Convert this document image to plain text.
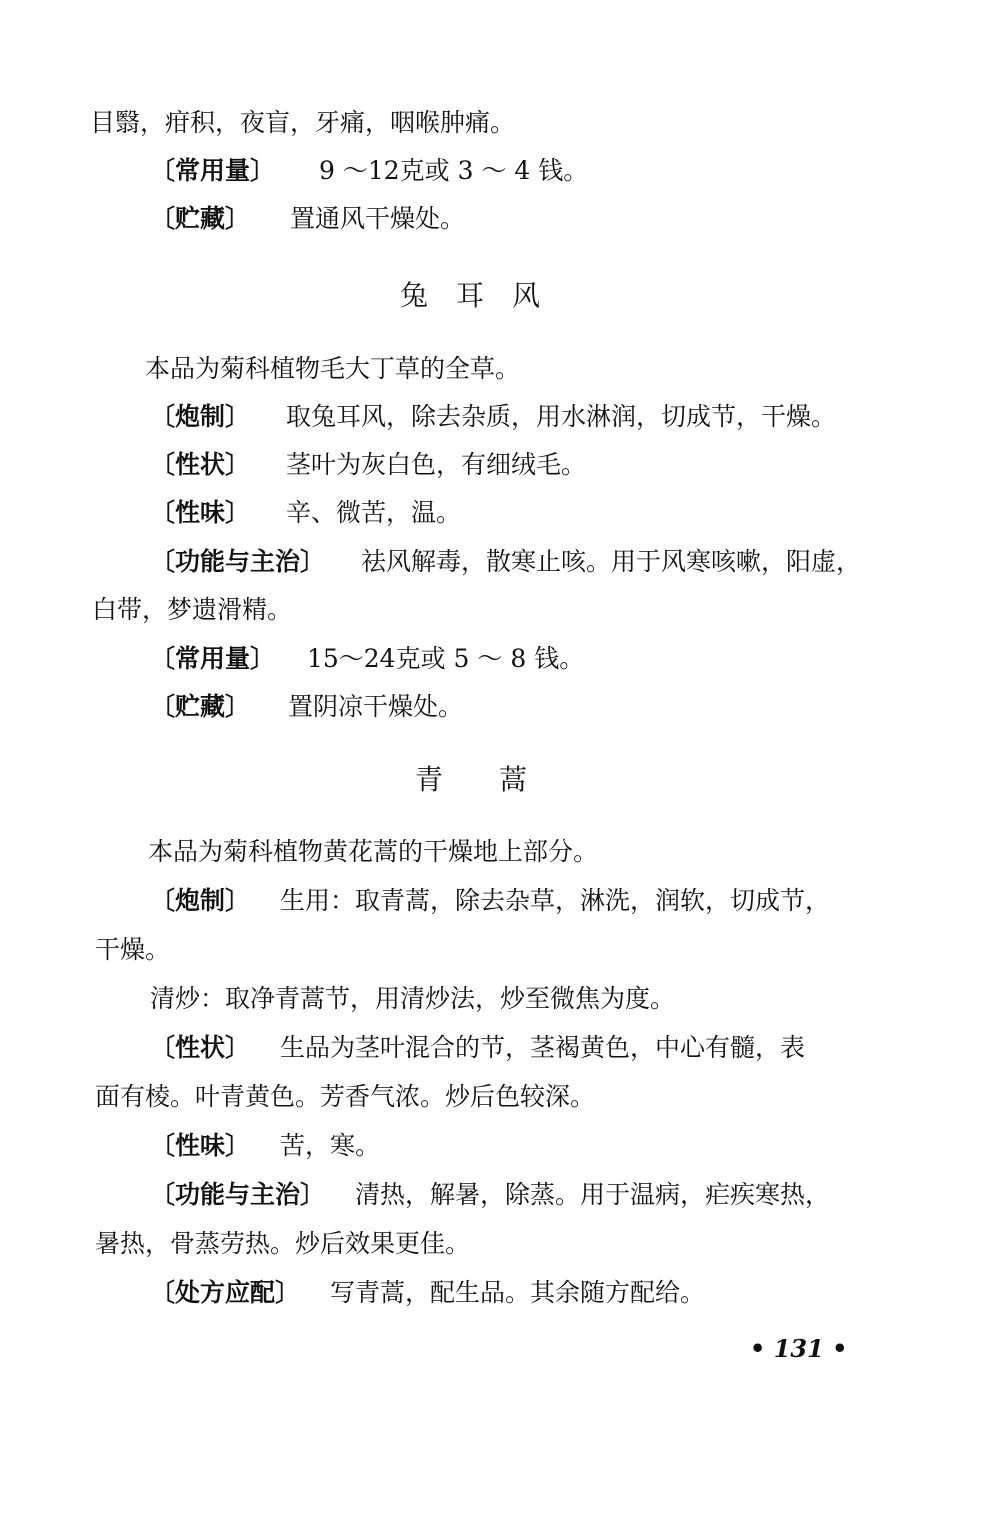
目翳，疳积，夜盲，牙痛，咽喉肿痛。
〔常用量〕 9 ～12克或 3 ～ 4 钱。
〔贮藏〕 置通风干燥处。
兔　耳　风
本品为菊科植物毛大丁草的全草。
〔炮制〕 取兔耳风，除去杂质，用水淋润，切成节，干燥。
〔性状〕 茎叶为灰白色，有细绒毛。
〔性味〕 辛、微苦，温。
〔功能与主治〕 祛风解毒，散寒止咳。用于风寒咳嗽，阳虚，
白带，梦遗滑精。
〔常用量〕 15～24克或 5 ～ 8 钱。
〔贮藏〕 置阴凉干燥处。
青　　蒿
本品为菊科植物黄花蒿的干燥地上部分。
〔炮制〕 生用：取青蒿，除去杂草，淋洗，润软，切成节，
干燥。
清炒：取净青蒿节，用清炒法，炒至微焦为度。
〔性状〕 生品为茎叶混合的节，茎褐黄色，中心有髓，表
面有棱。叶青黄色。芳香气浓。炒后色较深。
〔性味〕 苦，寒。
〔功能与主治〕 清热，解暑，除蒸。用于温病，疟疾寒热，
暑热，骨蒸劳热。炒后效果更佳。
〔处方应配〕 写青蒿，配生品。其余随方配给。
• 131 •
